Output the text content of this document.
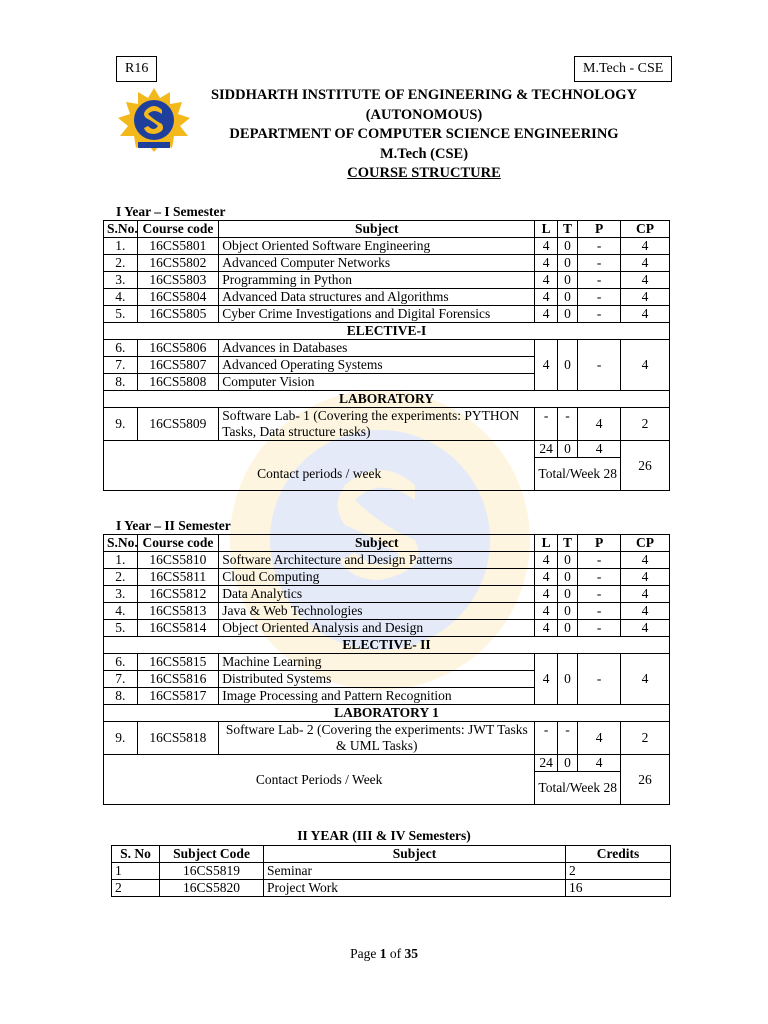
R16	M.Tech - CSE
SIDDHARTH INSTITUTE OF ENGINEERING & TECHNOLOGY
(AUTONOMOUS)
DEPARTMENT OF COMPUTER SCIENCE ENGINEERING
M.Tech (CSE)
COURSE STRUCTURE
I Year – I Semester
S.No.	Course code	Subject	L	T	P	CP
1.	16CS5801	Object Oriented Software Engineering	4	0	-	4
2.	16CS5802	Advanced Computer Networks	4	0	-	4
3.	16CS5803	Programming in Python	4	0	-	4
4.	16CS5804	Advanced Data structures and Algorithms	4	0	-	4
5.	16CS5805	Cyber Crime Investigations and Digital Forensics	4	0	-	4
ELECTIVE-I						
6.	16CS5806	Advances in Databases	4	0	-	4
7.	16CS5807	Advanced Operating Systems				
8.	16CS5808	Computer Vision				
LABORATORY						
9.	16CS5809	Software Lab- 1 (Covering the experiments: PYTHON Tasks, Data structure tasks)	-	-	4	2
Contact periods / week			24	0	4	26
			Total/Week 28			
I Year – II Semester
S.No.	Course code	Subject	L	T	P	CP
1.	16CS5810	Software Architecture and Design Patterns	4	0	-	4
2.	16CS5811	Cloud Computing	4	0	-	4
3.	16CS5812	Data Analytics	4	0	-	4
4.	16CS5813	Java & Web Technologies	4	0	-	4
5.	16CS5814	Object Oriented Analysis and Design	4	0	-	4
ELECTIVE- II						
6.	16CS5815	Machine Learning	4	0	-	4
7.	16CS5816	Distributed Systems				
8.	16CS5817	Image Processing and Pattern Recognition				
LABORATORY 1						
9.	16CS5818	Software Lab- 2 (Covering the experiments: JWT Tasks & UML Tasks)	-	-	4	2
Contact Periods / Week			24	0	4	26
			Total/Week 28			
II YEAR (III & IV Semesters)
S. No	Subject Code	Subject	Credits
1	16CS5819	Seminar	2
2	16CS5820	Project Work	16
Page 1 of 35
